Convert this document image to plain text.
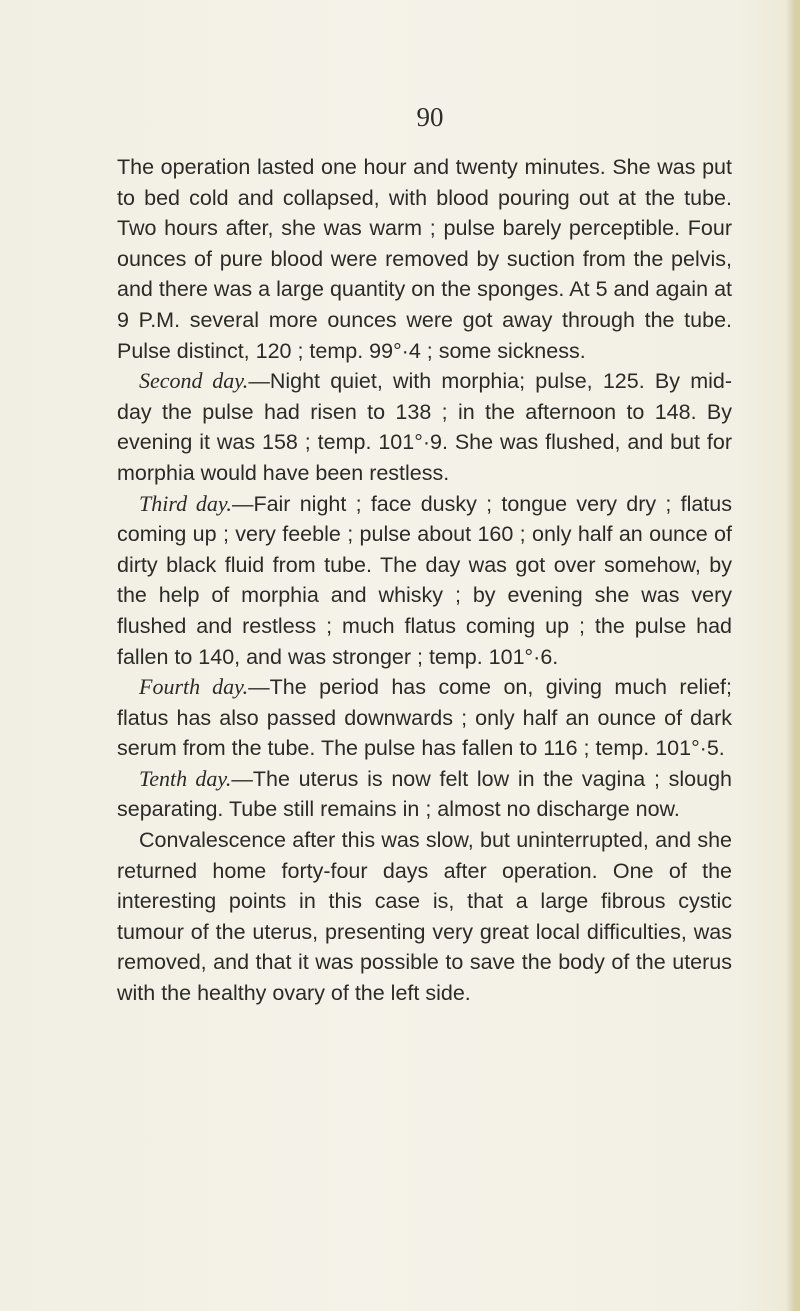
90

The operation lasted one hour and twenty minutes. She was put to bed cold and collapsed, with blood pouring out at the tube. Two hours after, she was warm ; pulse barely perceptible. Four ounces of pure blood were removed by suction from the pelvis, and there was a large quantity on the sponges. At 5 and again at 9 P.M. several more ounces were got away through the tube. Pulse distinct, 120 ; temp. 99°·4 ; some sickness.

Second day.—Night quiet, with morphia; pulse, 125. By mid-day the pulse had risen to 138 ; in the afternoon to 148. By evening it was 158 ; temp. 101°·9. She was flushed, and but for morphia would have been restless.

Third day.—Fair night ; face dusky ; tongue very dry ; flatus coming up ; very feeble ; pulse about 160 ; only half an ounce of dirty black fluid from tube. The day was got over somehow, by the help of morphia and whisky ; by evening she was very flushed and restless ; much flatus coming up ; the pulse had fallen to 140, and was stronger ; temp. 101°·6.

Fourth day.—The period has come on, giving much relief; flatus has also passed downwards ; only half an ounce of dark serum from the tube. The pulse has fallen to 116 ; temp. 101°·5.

Tenth day.—The uterus is now felt low in the vagina ; slough separating. Tube still remains in ; almost no discharge now.

Convalescence after this was slow, but uninterrupted, and she returned home forty-four days after operation. One of the interesting points in this case is, that a large fibrous cystic tumour of the uterus, presenting very great local difficulties, was removed, and that it was possible to save the body of the uterus with the healthy ovary of the left side.
